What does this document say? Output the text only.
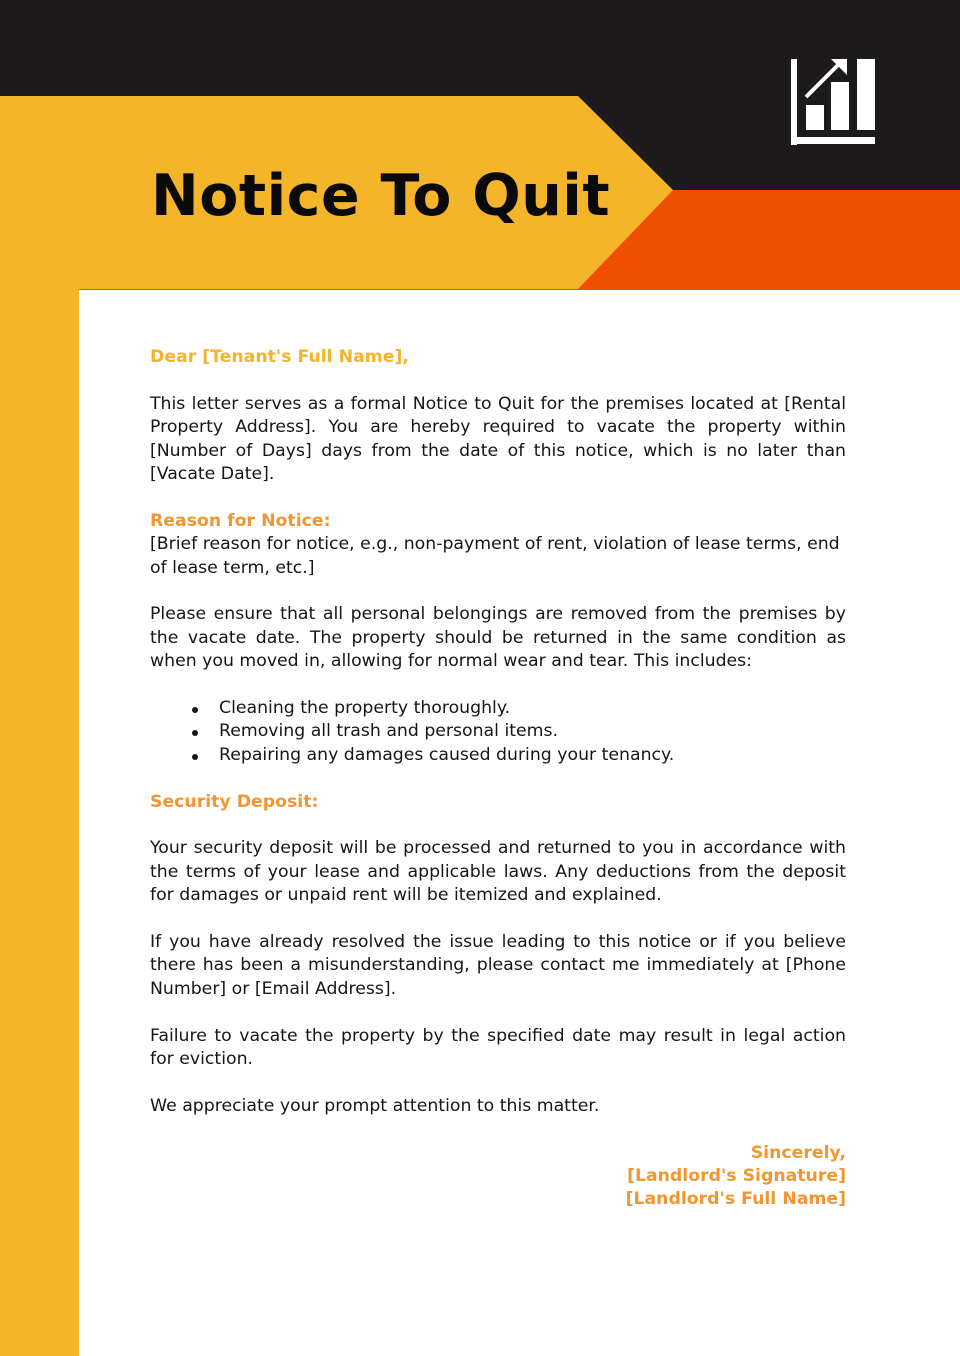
Notice To Quit

Dear [Tenant's Full Name],

This letter serves as a formal Notice to Quit for the premises located at [Rental Property Address]. You are hereby required to vacate the property within [Number of Days] days from the date of this notice, which is no later than [Vacate Date].

Reason for Notice:

[Brief reason for notice, e.g., non-payment of rent, violation of lease terms, end of lease term, etc.]

Please ensure that all personal belongings are removed from the premises by the vacate date. The property should be returned in the same condition as when you moved in, allowing for normal wear and tear. This includes:

Cleaning the property thoroughly.
Removing all trash and personal items.
Repairing any damages caused during your tenancy.

Security Deposit:

Your security deposit will be processed and returned to you in accordance with the terms of your lease and applicable laws. Any deductions from the deposit for damages or unpaid rent will be itemized and explained.

If you have already resolved the issue leading to this notice or if you believe there has been a misunderstanding, please contact me immediately at [Phone Number] or [Email Address].

Failure to vacate the property by the specified date may result in legal action for eviction.

We appreciate your prompt attention to this matter.

Sincerely,
[Landlord's Signature]
[Landlord's Full Name]
